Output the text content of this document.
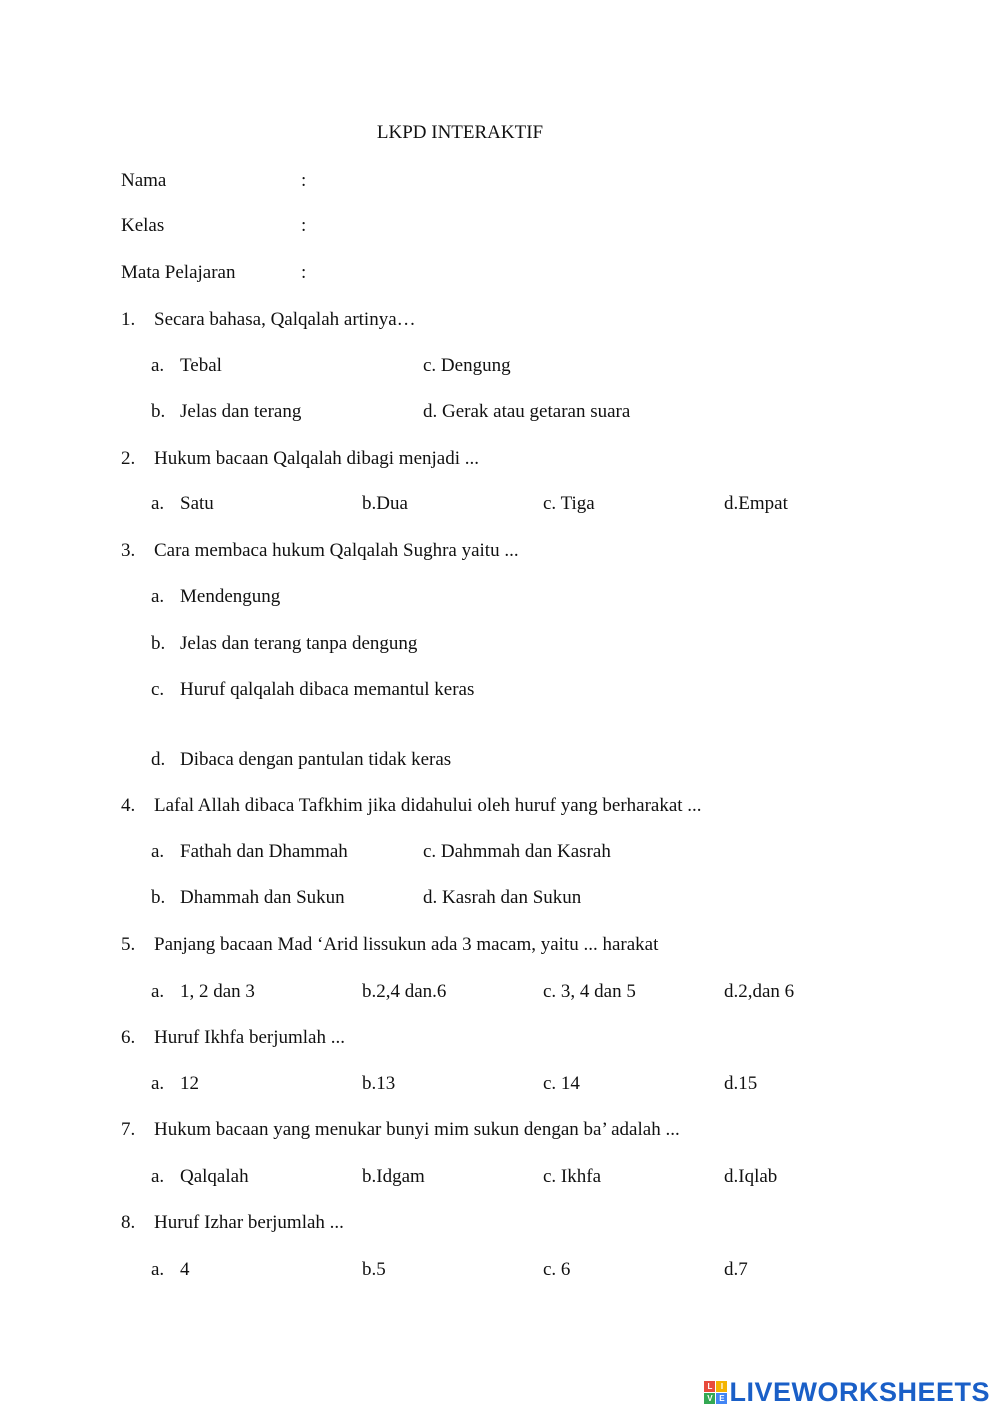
LKPD INTERAKTIF
Nama	:
Kelas	:
Mata Pelajaran	:
1. Secara bahasa, Qalqalah artinya…
a. Tebal	c. Dengung
b. Jelas dan terang	d. Gerak atau getaran suara
2. Hukum bacaan Qalqalah dibagi menjadi ...
a. Satu	b.Dua	c. Tiga	d.Empat
3. Cara membaca hukum Qalqalah Sughra yaitu ...
a. Mendengung
b. Jelas dan terang tanpa dengung
c. Huruf qalqalah dibaca memantul keras
d. Dibaca dengan pantulan tidak keras
4. Lafal Allah dibaca Tafkhim jika didahului oleh huruf yang berharakat ...
a. Fathah dan Dhammah	c. Dahmmah dan Kasrah
b. Dhammah dan Sukun	d. Kasrah dan Sukun
5. Panjang bacaan Mad ‘Arid lissukun ada 3 macam, yaitu ... harakat
a. 1, 2 dan 3	b.2,4 dan.6	c. 3, 4 dan 5	d.2,dan 6
6. Huruf Ikhfa berjumlah ...
a. 12	b.13	c. 14	d.15
7. Hukum bacaan yang menukar bunyi mim sukun dengan ba’ adalah ...
a. Qalqalah	b.Idgam	c. Ikhfa	d.Iqlab
8. Huruf Izhar berjumlah ...
a. 4	b.5	c. 6	d.7
L	I
V E LIVEWORKSHEETS
